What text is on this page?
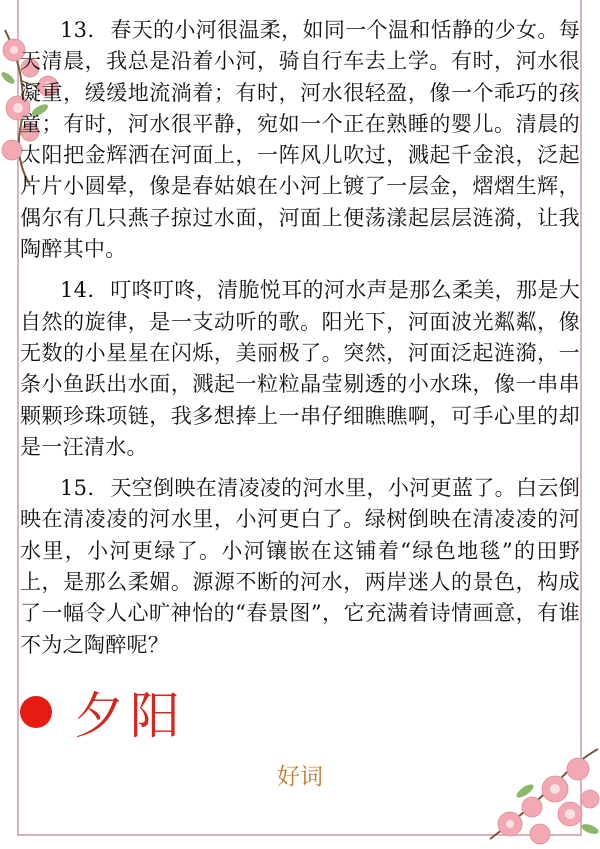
13. 春天的小河很温柔，如同一个温和恬静的少女。每天清晨，我总是沿着小河，骑自行车去上学。有时，河水很凝重，缓缓地流淌着；有时，河水很轻盈，像一个乖巧的孩童；有时，河水很平静，宛如一个正在熟睡的婴儿。清晨的太阳把金辉洒在河面上，一阵风儿吹过，溅起千金浪，泛起片片小圆晕，像是春姑娘在小河上镀了一层金，熠熠生辉，偶尔有几只燕子掠过水面，河面上便荡漾起层层涟漪，让我陶醉其中。

14. 叮咚叮咚，清脆悦耳的河水声是那么柔美，那是大自然的旋律，是一支动听的歌。阳光下，河面波光粼粼，像无数的小星星在闪烁，美丽极了。突然，河面泛起涟漪，一条小鱼跃出水面，溅起一粒粒晶莹剔透的小水珠，像一串串颗颗珍珠项链，我多想捧上一串仔细瞧瞧啊，可手心里的却是一汪清水。

15. 天空倒映在清凌凌的河水里，小河更蓝了。白云倒映在清凌凌的河水里，小河更白了。绿树倒映在清凌凌的河水里，小河更绿了。小河镶嵌在这铺着“绿色地毯”的田野上，是那么柔媚。源源不断的河水，两岸迷人的景色，构成了一幅令人心旷神怡的“春景图”，它充满着诗情画意，有谁不为之陶醉呢？

夕阳
好词
